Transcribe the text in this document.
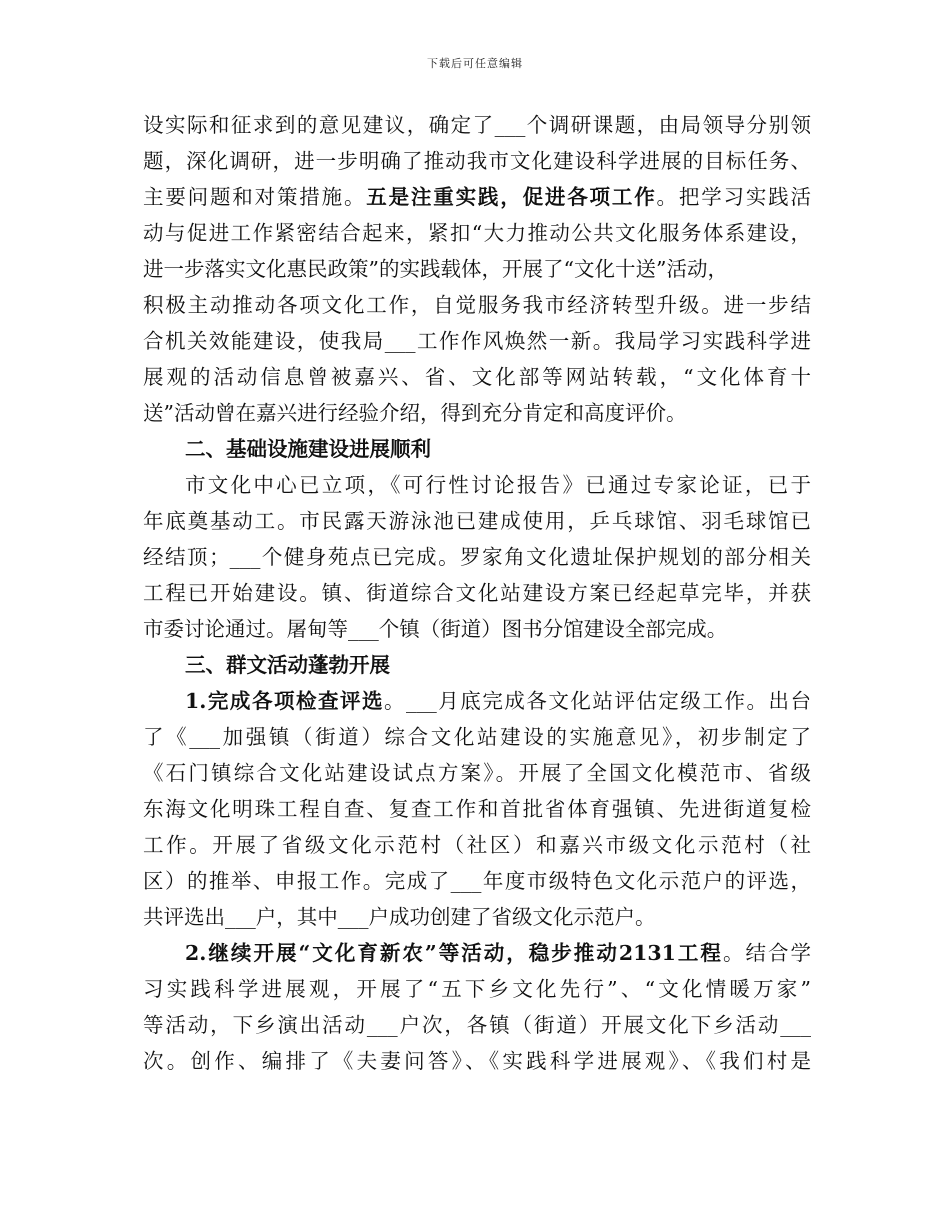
下载后可任意编辑
设实际和征求到的意见建议，确定了___个调研课题，由局领导分别领
题，深化调研，进一步明确了推动我市文化建设科学进展的目标任务、
主要问题和对策措施。五是注重实践，促进各项工作。把学习实践活
动与促进工作紧密结合起来，紧扣“大力推动公共文化服务体系建设，
进一步落实文化惠民政策”的实践载体，开展了“文化十送”活动，
积极主动推动各项文化工作，自觉服务我市经济转型升级。进一步结
合机关效能建设，使我局___工作作风焕然一新。我局学习实践科学进
展观的活动信息曾被嘉兴、省、文化部等网站转载，“文化体育十
送”活动曾在嘉兴进行经验介绍，得到充分肯定和高度评价。
二、基础设施建设进展顺利
市文化中心已立项，《可行性讨论报告》已通过专家论证，已于
年底奠基动工。市民露天游泳池已建成使用，乒乓球馆、羽毛球馆已
经结顶；___个健身苑点已完成。罗家角文化遗址保护规划的部分相关
工程已开始建设。镇、街道综合文化站建设方案已经起草完毕，并获
市委讨论通过。屠甸等___个镇（街道）图书分馆建设全部完成。
三、群文活动蓬勃开展
1.完成各项检查评选。___月底完成各文化站评估定级工作。出台
了《___加强镇（街道）综合文化站建设的实施意见》，初步制定了
《石门镇综合文化站建设试点方案》。开展了全国文化模范市、省级
东海文化明珠工程自查、复查工作和首批省体育强镇、先进街道复检
工作。开展了省级文化示范村（社区）和嘉兴市级文化示范村（社
区）的推举、申报工作。完成了___年度市级特色文化示范户的评选，
共评选出___户，其中___户成功创建了省级文化示范户。
2.继续开展“文化育新农”等活动，稳步推动2131工程。结合学
习实践科学进展观，开展了“五下乡文化先行”、“文化情暖万家”
等活动，下乡演出活动___户次，各镇（街道）开展文化下乡活动___
次。创作、编排了《夫妻问答》、《实践科学进展观》、《我们村是
